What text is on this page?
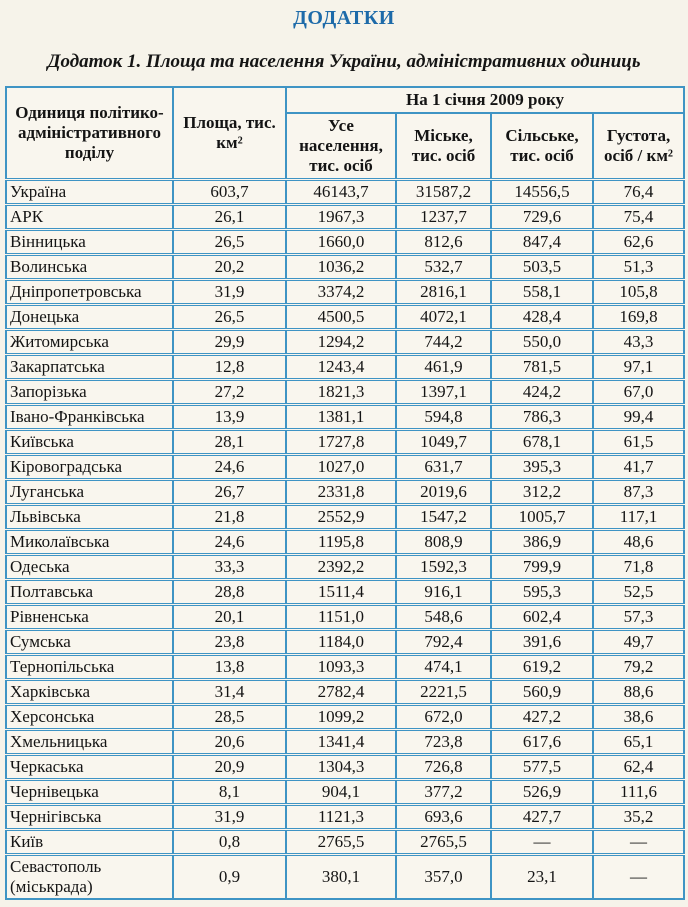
ДОДАТКИ
Додаток 1. Площа та населення України, адміністративних одиниць
Одиниця політико-адміністративного поділу	Площа, тис. км²	На 1 січня 2009 року			
		Усе населення, тис. осіб	Міське, тис. осіб	Сільське, тис. осіб	Густота, осіб / км²
Україна	603,7	46143,7	31587,2	14556,5	76,4
АРК	26,1	1967,3	1237,7	729,6	75,4
Вінницька	26,5	1660,0	812,6	847,4	62,6
Волинська	20,2	1036,2	532,7	503,5	51,3
Дніпропетровська	31,9	3374,2	2816,1	558,1	105,8
Донецька	26,5	4500,5	4072,1	428,4	169,8
Житомирська	29,9	1294,2	744,2	550,0	43,3
Закарпатська	12,8	1243,4	461,9	781,5	97,1
Запорізька	27,2	1821,3	1397,1	424,2	67,0
Івано-Франківська	13,9	1381,1	594,8	786,3	99,4
Київська	28,1	1727,8	1049,7	678,1	61,5
Кіровоградська	24,6	1027,0	631,7	395,3	41,7
Луганська	26,7	2331,8	2019,6	312,2	87,3
Львівська	21,8	2552,9	1547,2	1005,7	117,1
Миколаївська	24,6	1195,8	808,9	386,9	48,6
Одеська	33,3	2392,2	1592,3	799,9	71,8
Полтавська	28,8	1511,4	916,1	595,3	52,5
Рівненська	20,1	1151,0	548,6	602,4	57,3
Сумська	23,8	1184,0	792,4	391,6	49,7
Тернопільська	13,8	1093,3	474,1	619,2	79,2
Харківська	31,4	2782,4	2221,5	560,9	88,6
Херсонська	28,5	1099,2	672,0	427,2	38,6
Хмельницька	20,6	1341,4	723,8	617,6	65,1
Черкаська	20,9	1304,3	726,8	577,5	62,4
Чернівецька	8,1	904,1	377,2	526,9	111,6
Чернігівська	31,9	1121,3	693,6	427,7	35,2
Київ	0,8	2765,5	2765,5	—	—
Севастополь (міськрада)	0,9	380,1	357,0	23,1	—
